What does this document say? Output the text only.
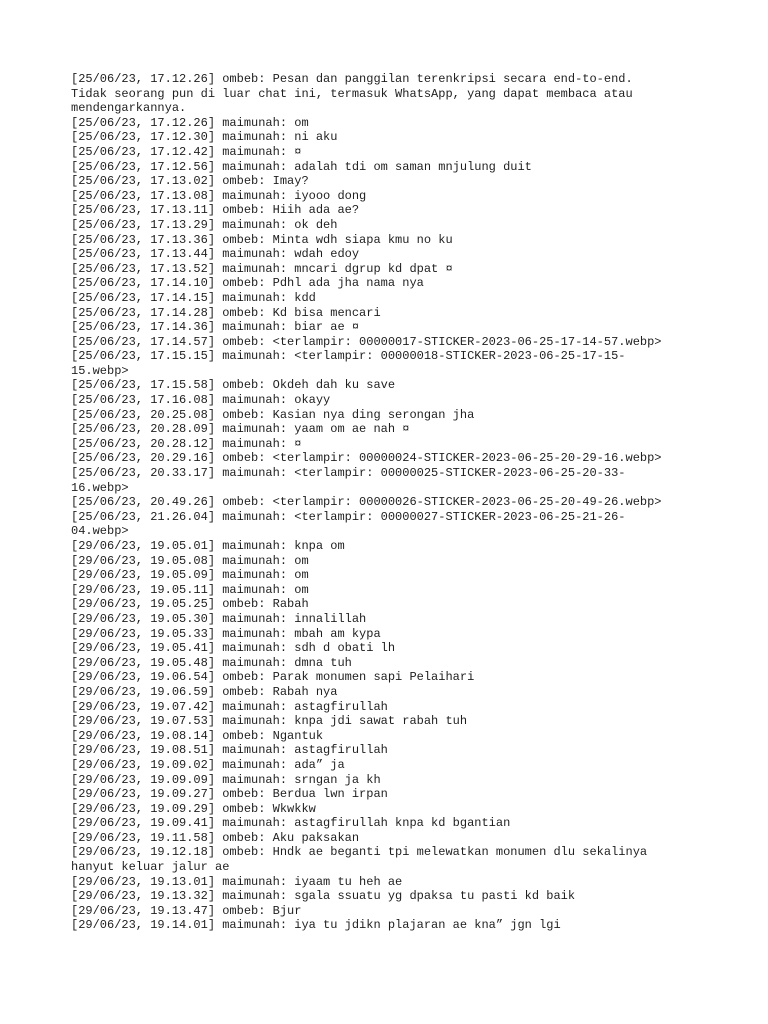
[25/06/23, 17.12.26] ombeb: Pesan dan panggilan terenkripsi secara end-to-end.
Tidak seorang pun di luar chat ini, termasuk WhatsApp, yang dapat membaca atau
mendengarkannya.
[25/06/23, 17.12.26] maimunah: om
[25/06/23, 17.12.30] maimunah: ni aku
[25/06/23, 17.12.42] maimunah: ¤
[25/06/23, 17.12.56] maimunah: adalah tdi om saman mnjulung duit
[25/06/23, 17.13.02] ombeb: Imay?
[25/06/23, 17.13.08] maimunah: iyooo dong
[25/06/23, 17.13.11] ombeb: Hiih ada ae?
[25/06/23, 17.13.29] maimunah: ok deh
[25/06/23, 17.13.36] ombeb: Minta wdh siapa kmu no ku
[25/06/23, 17.13.44] maimunah: wdah edoy
[25/06/23, 17.13.52] maimunah: mncari dgrup kd dpat ¤
[25/06/23, 17.14.10] ombeb: Pdhl ada jha nama nya
[25/06/23, 17.14.15] maimunah: kdd
[25/06/23, 17.14.28] ombeb: Kd bisa mencari
[25/06/23, 17.14.36] maimunah: biar ae ¤
[25/06/23, 17.14.57] ombeb: <terlampir: 00000017-STICKER-2023-06-25-17-14-57.webp>
[25/06/23, 17.15.15] maimunah: <terlampir: 00000018-STICKER-2023-06-25-17-15-
15.webp>
[25/06/23, 17.15.58] ombeb: Okdeh dah ku save
[25/06/23, 17.16.08] maimunah: okayy
[25/06/23, 20.25.08] ombeb: Kasian nya ding serongan jha
[25/06/23, 20.28.09] maimunah: yaam om ae nah ¤
[25/06/23, 20.28.12] maimunah: ¤
[25/06/23, 20.29.16] ombeb: <terlampir: 00000024-STICKER-2023-06-25-20-29-16.webp>
[25/06/23, 20.33.17] maimunah: <terlampir: 00000025-STICKER-2023-06-25-20-33-
16.webp>
[25/06/23, 20.49.26] ombeb: <terlampir: 00000026-STICKER-2023-06-25-20-49-26.webp>
[25/06/23, 21.26.04] maimunah: <terlampir: 00000027-STICKER-2023-06-25-21-26-
04.webp>
[29/06/23, 19.05.01] maimunah: knpa om
[29/06/23, 19.05.08] maimunah: om
[29/06/23, 19.05.09] maimunah: om
[29/06/23, 19.05.11] maimunah: om
[29/06/23, 19.05.25] ombeb: Rabah
[29/06/23, 19.05.30] maimunah: innalillah
[29/06/23, 19.05.33] maimunah: mbah am kypa
[29/06/23, 19.05.41] maimunah: sdh d obati lh
[29/06/23, 19.05.48] maimunah: dmna tuh
[29/06/23, 19.06.54] ombeb: Parak monumen sapi Pelaihari
[29/06/23, 19.06.59] ombeb: Rabah nya
[29/06/23, 19.07.42] maimunah: astagfirullah
[29/06/23, 19.07.53] maimunah: knpa jdi sawat rabah tuh
[29/06/23, 19.08.14] ombeb: Ngantuk
[29/06/23, 19.08.51] maimunah: astagfirullah
[29/06/23, 19.09.02] maimunah: ada” ja
[29/06/23, 19.09.09] maimunah: srngan ja kh
[29/06/23, 19.09.27] ombeb: Berdua lwn irpan
[29/06/23, 19.09.29] ombeb: Wkwkkw
[29/06/23, 19.09.41] maimunah: astagfirullah knpa kd bgantian
[29/06/23, 19.11.58] ombeb: Aku paksakan
[29/06/23, 19.12.18] ombeb: Hndk ae beganti tpi melewatkan monumen dlu sekalinya
hanyut keluar jalur ae
[29/06/23, 19.13.01] maimunah: iyaam tu heh ae
[29/06/23, 19.13.32] maimunah: sgala ssuatu yg dpaksa tu pasti kd baik
[29/06/23, 19.13.47] ombeb: Bjur
[29/06/23, 19.14.01] maimunah: iya tu jdikn plajaran ae kna” jgn lgi
